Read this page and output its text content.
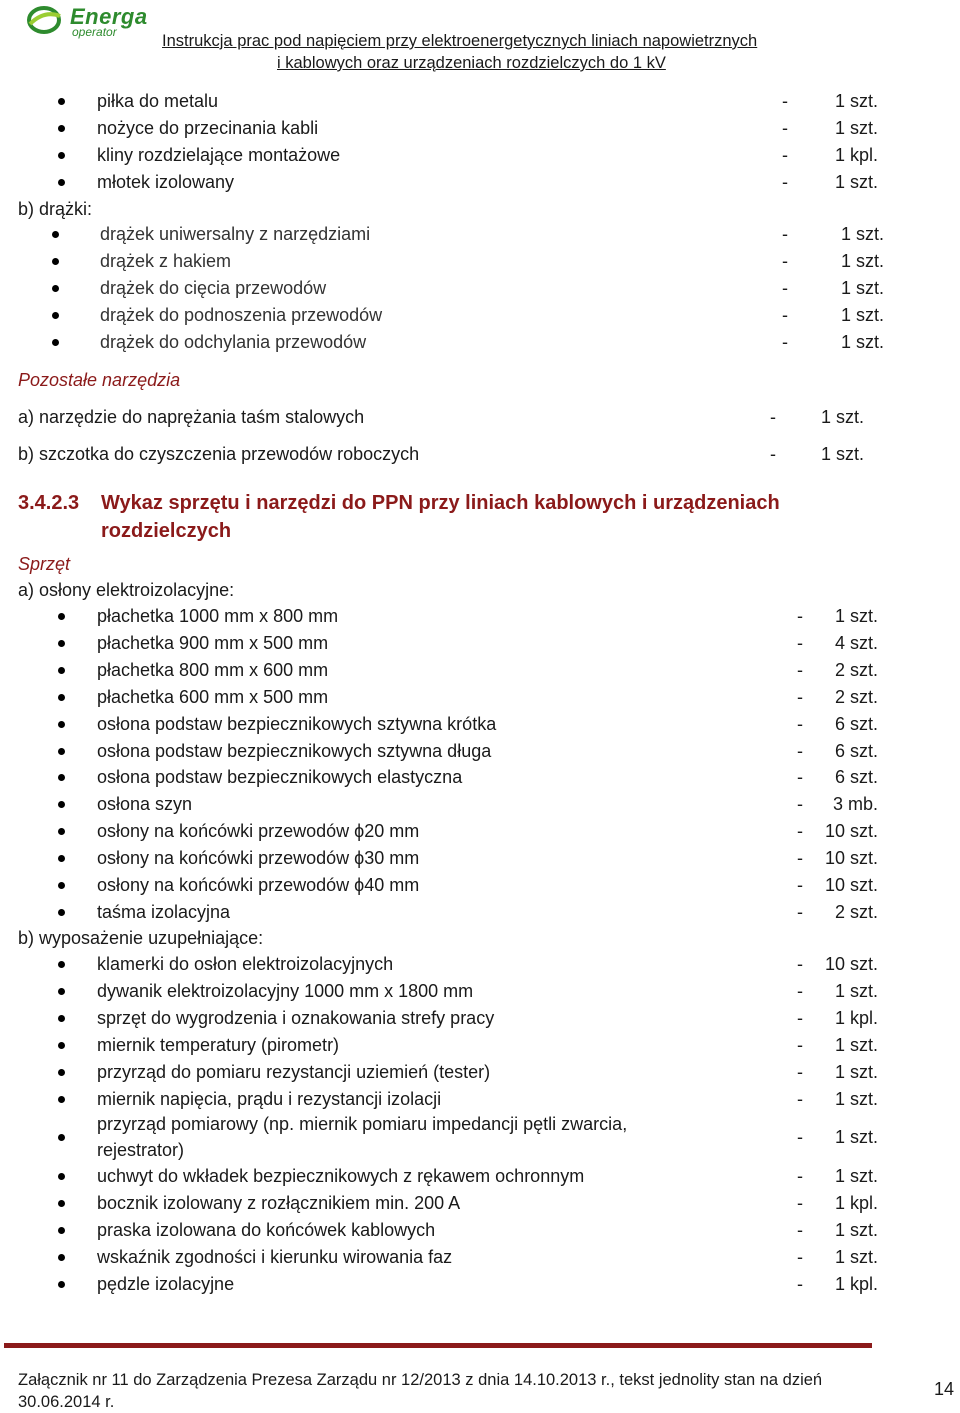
Energa
operator	Instrukcja prac pod napięciem przy elektroenergetycznych liniach napowietrznych
i kablowych oraz urządzeniach rozdzielczych do 1 kV
piłka do metalu	-	1 szt.
nożyce do przecinania kabli	-	1 szt.
kliny rozdzielające montażowe	-	1 kpl.
młotek izolowany	-	1 szt.
b) drążki:
drążek uniwersalny z narzędziami	-	1 szt.
drążek z hakiem	-	1 szt.
drążek do cięcia przewodów	-	1 szt.
drążek do podnoszenia przewodów	-	1 szt.
drążek do odchylania przewodów	-	1 szt.
Pozostałe narzędzia
a) narzędzie do naprężania taśm stalowych	-	1 szt.
b) szczotka do czyszczenia przewodów roboczych	-	1 szt.
3.4.2.3 Wykaz sprzętu i narzędzi do PPN przy liniach kablowych i urządzeniach
rozdzielczych
Sprzęt
a) osłony elektroizolacyjne:
płachetka 1000 mm x 800 mm	-	1 szt.
płachetka 900 mm x 500 mm	-	4 szt.
płachetka 800 mm x 600 mm	-	2 szt.
płachetka 600 mm x 500 mm	-	2 szt.
osłona podstaw bezpiecznikowych sztywna krótka	-	6 szt.
osłona podstaw bezpiecznikowych sztywna długa	-	6 szt.
osłona podstaw bezpiecznikowych elastyczna	-	6 szt.
osłona szyn	-	3 mb.
osłony na końcówki przewodów ϕ20 mm	-	10 szt.
osłony na końcówki przewodów ϕ30 mm	-	10 szt.
osłony na końcówki przewodów ϕ40 mm	-	10 szt.
taśma izolacyjna	-	2 szt.
b) wyposażenie uzupełniające:
klamerki do osłon elektroizolacyjnych	-	10 szt.
dywanik elektroizolacyjny 1000 mm x 1800 mm	-	1 szt.
sprzęt do wygrodzenia i oznakowania strefy pracy	-	1 kpl.
miernik temperatury (pirometr)	-	1 szt.
przyrząd do pomiaru rezystancji uziemień (tester)	-	1 szt.
miernik napięcia, prądu i rezystancji izolacji	-	1 szt.
przyrząd pomiarowy (np. miernik pomiaru impedancji pętli zwarcia,
rejestrator)
-	1 szt.
uchwyt do wkładek bezpiecznikowych z rękawem ochronnym	-	1 szt.
bocznik izolowany z rozłącznikiem min. 200 A	-	1 kpl.
praska izolowana do końcówek kablowych	-	1 szt.
wskaźnik zgodności i kierunku wirowania faz	-	1 szt.
pędzle izolacyjne	-	1 kpl.
Załącznik nr 11 do Zarządzenia Prezesa Zarządu nr 12/2013 z dnia 14.10.2013 r., tekst jednolity stan na dzień
30.06.2014 r.
14
